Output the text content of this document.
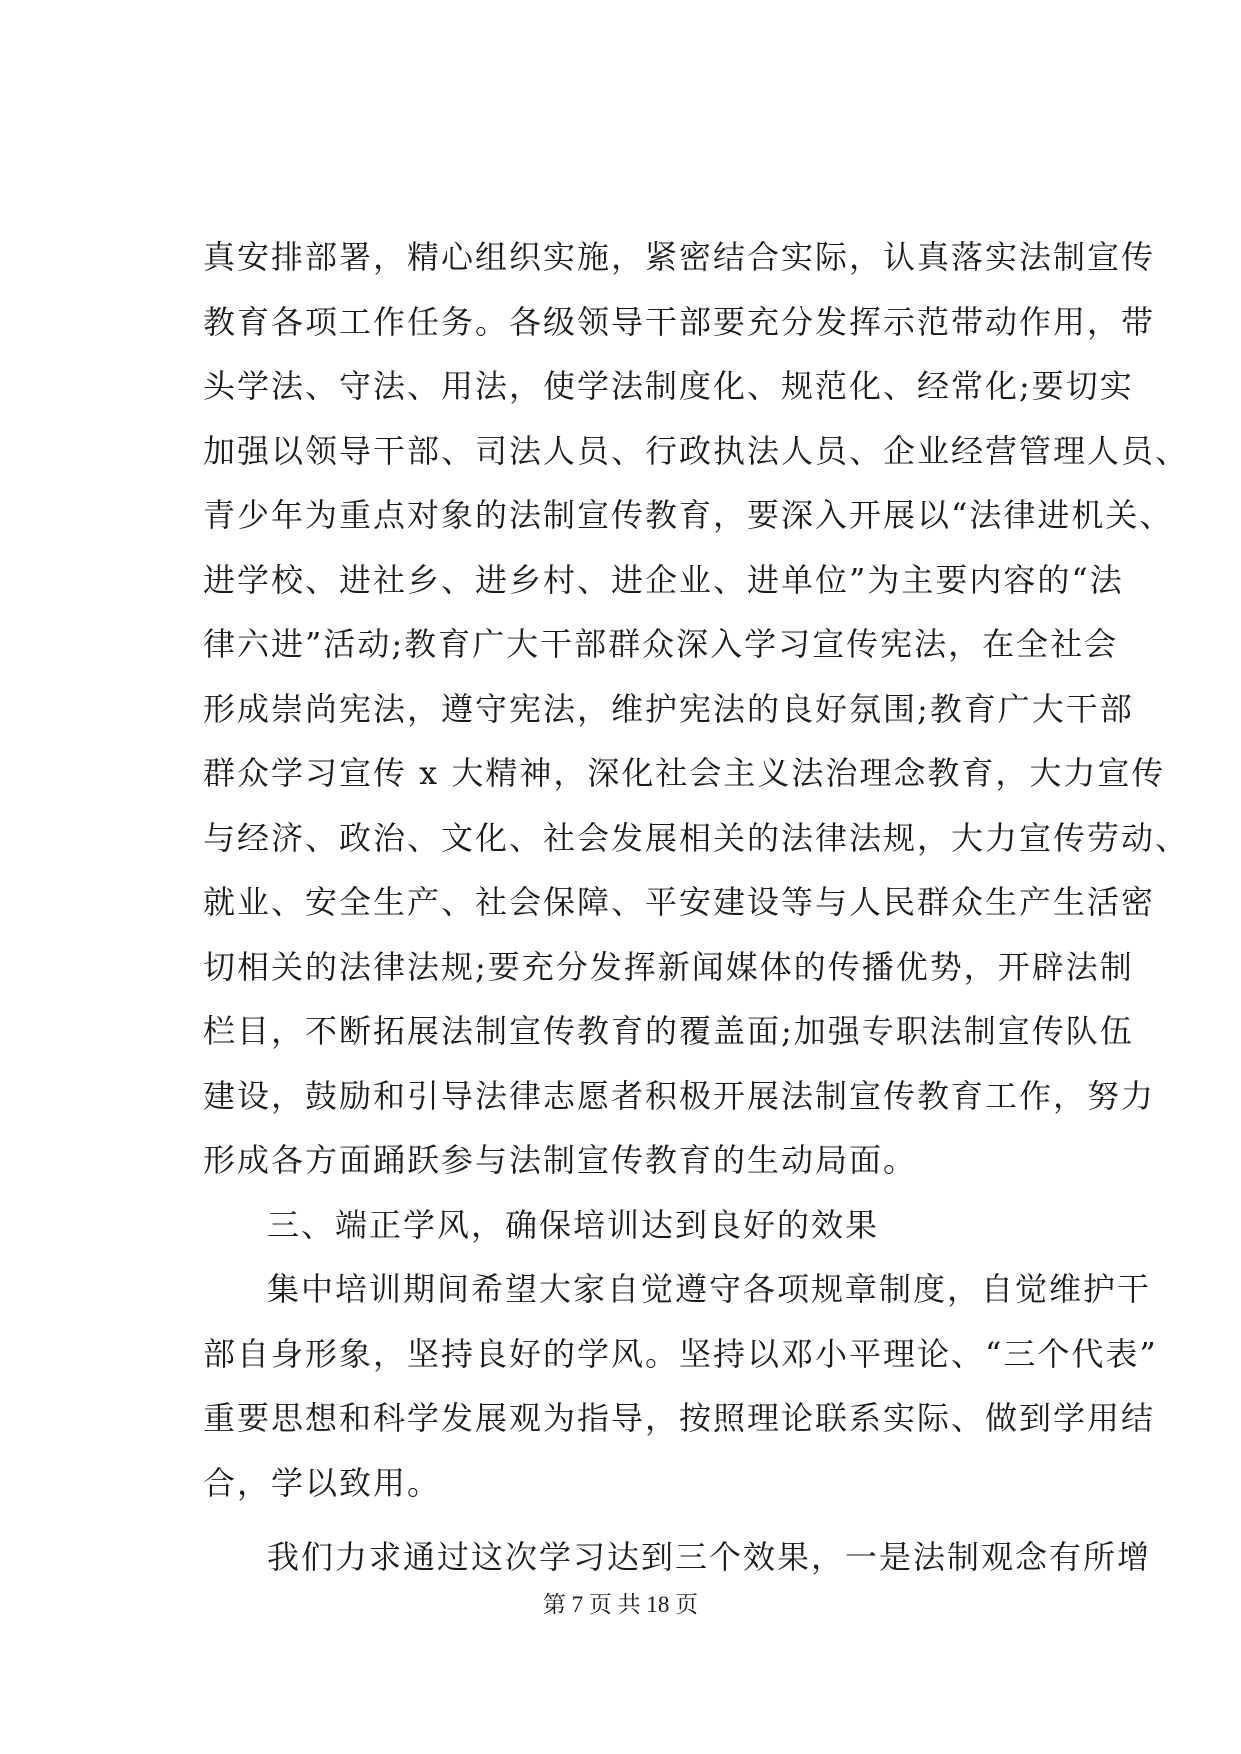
真安排部署，精心组织实施，紧密结合实际，认真落实法制宣传
教育各项工作任务。各级领导干部要充分发挥示范带动作用，带
头学法、守法、用法，使学法制度化、规范化、经常化;要切实
加强以领导干部、司法人员、行政执法人员、企业经营管理人员、
青少年为重点对象的法制宣传教育，要深入开展以“法律进机关、
进学校、进社乡、进乡村、进企业、进单位”为主要内容的“法
律六进”活动;教育广大干部群众深入学习宣传宪法，在全社会
形成崇尚宪法，遵守宪法，维护宪法的良好氛围;教育广大干部
群众学习宣传 x 大精神，深化社会主义法治理念教育，大力宣传
与经济、政治、文化、社会发展相关的法律法规，大力宣传劳动、
就业、安全生产、社会保障、平安建设等与人民群众生产生活密
切相关的法律法规;要充分发挥新闻媒体的传播优势，开辟法制
栏目，不断拓展法制宣传教育的覆盖面;加强专职法制宣传队伍
建设，鼓励和引导法律志愿者积极开展法制宣传教育工作，努力
形成各方面踊跃参与法制宣传教育的生动局面。
三、端正学风，确保培训达到良好的效果
集中培训期间希望大家自觉遵守各项规章制度，自觉维护干
部自身形象，坚持良好的学风。坚持以邓小平理论、“三个代表”
重要思想和科学发展观为指导，按照理论联系实际、做到学用结
合，学以致用。
我们力求通过这次学习达到三个效果，一是法制观念有所增
第 7 页 共 18 页
